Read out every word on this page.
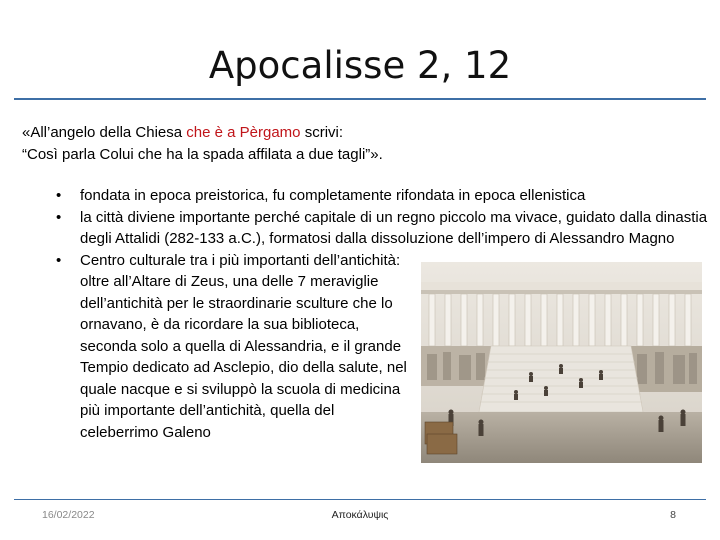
Apocalisse 2, 12
«All’angelo della Chiesa che è a Pèrgamo scrivi:
“Così parla Colui che ha la spada affilata a due tagli”».
• fondata in epoca preistorica, fu completamente rifondata in epoca ellenistica
• la città diviene importante perché capitale di un regno piccolo ma vivace, guidato dalla dinastia degli Attalidi (282-133 a.C.), formatosi dalla dissoluzione dell’impero di Alessandro Magno
• Centro culturale tra i più importanti dell’antichità: oltre all’Altare di Zeus, una delle 7 meraviglie dell’antichità per le straordinarie sculture che lo ornavano, è da ricordare la sua biblioteca, seconda solo a quella di Alessandria, e il grande Tempio dedicato ad Asclepio, dio della salute, nel quale nacque e si sviluppò la scuola di medicina più importante dell’antichità, quella del celeberrimo Galeno
16/02/2022	Αποκάλυψις	8
